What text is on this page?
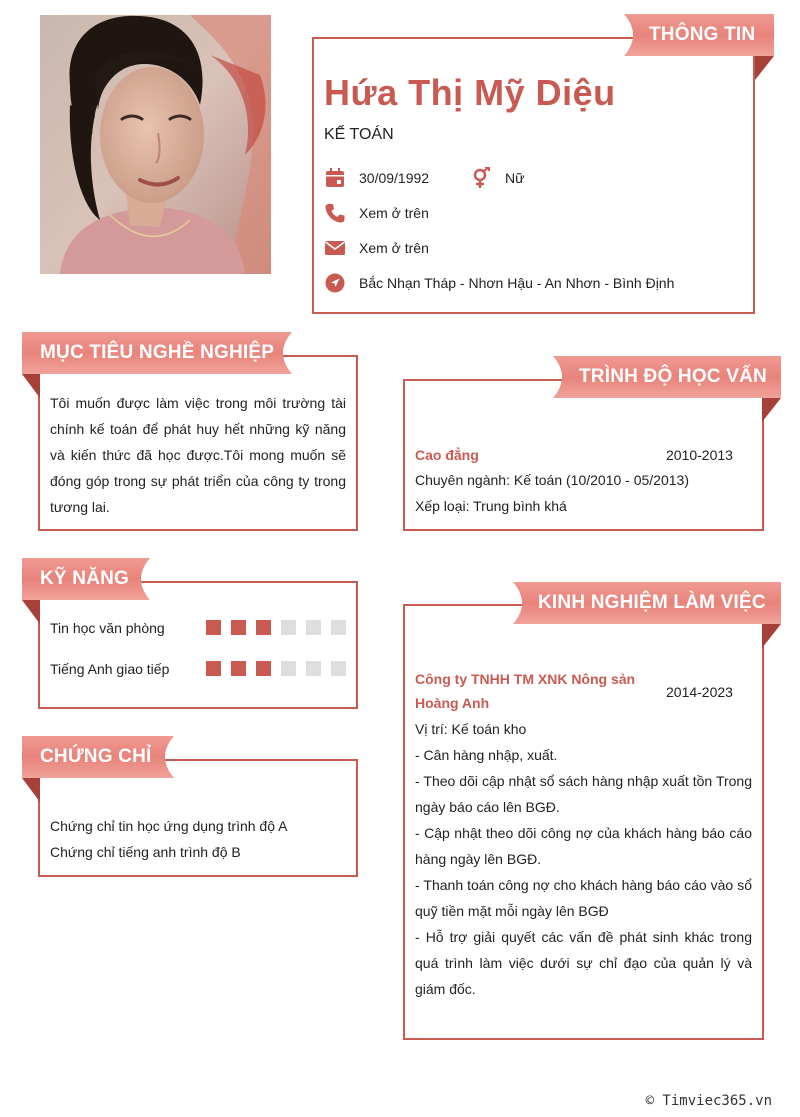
THÔNG TIN
Hứa Thị Mỹ Diệu
KẾ TOÁN
30/09/1992	Nữ
Xem ở trên
Xem ở trên
Bắc Nhạn Tháp - Nhơn Hậu - An Nhơn - Bình Định
MỤC TIÊU NGHỀ NGHIỆP
Tôi muốn được làm việc trong môi trường tài chính kế toán để phát huy hết những kỹ năng và kiến thức đã học được.Tôi mong muốn sẽ đóng góp trong sự phát triển của công ty trong tương lai.
TRÌNH ĐỘ HỌC VẤN
Cao đẳng	2010-2013
Chuyên ngành: Kế toán (10/2010 - 05/2013)
Xếp loại: Trung bình khá
KỸ NĂNG
Tin học văn phòng
Tiếng Anh giao tiếp
CHỨNG CHỈ
Chứng chỉ tin học ứng dụng trình độ A
Chứng chỉ tiếng anh trình độ B
KINH NGHIỆM LÀM VIỆC
Công ty TNHH TM XNK Nông sản
Hoàng Anh
2014-2023
Vị trí: Kế toán kho
- Cân hàng nhập, xuất.
- Theo dõi cập nhật sổ sách hàng nhập xuất tồn Trong ngày báo cáo lên BGĐ.
- Cập nhật theo dõi công nợ của khách hàng báo cáo hàng ngày lên BGĐ.
- Thanh toán công nợ cho khách hàng báo cáo vào sổ quỹ tiền mặt mỗi ngày lên BGĐ
- Hỗ trợ giải quyết các vấn đề phát sinh khác trong quá trình làm việc dưới sự chỉ đạo của quản lý và giám đốc.
© Timviec365.vn
